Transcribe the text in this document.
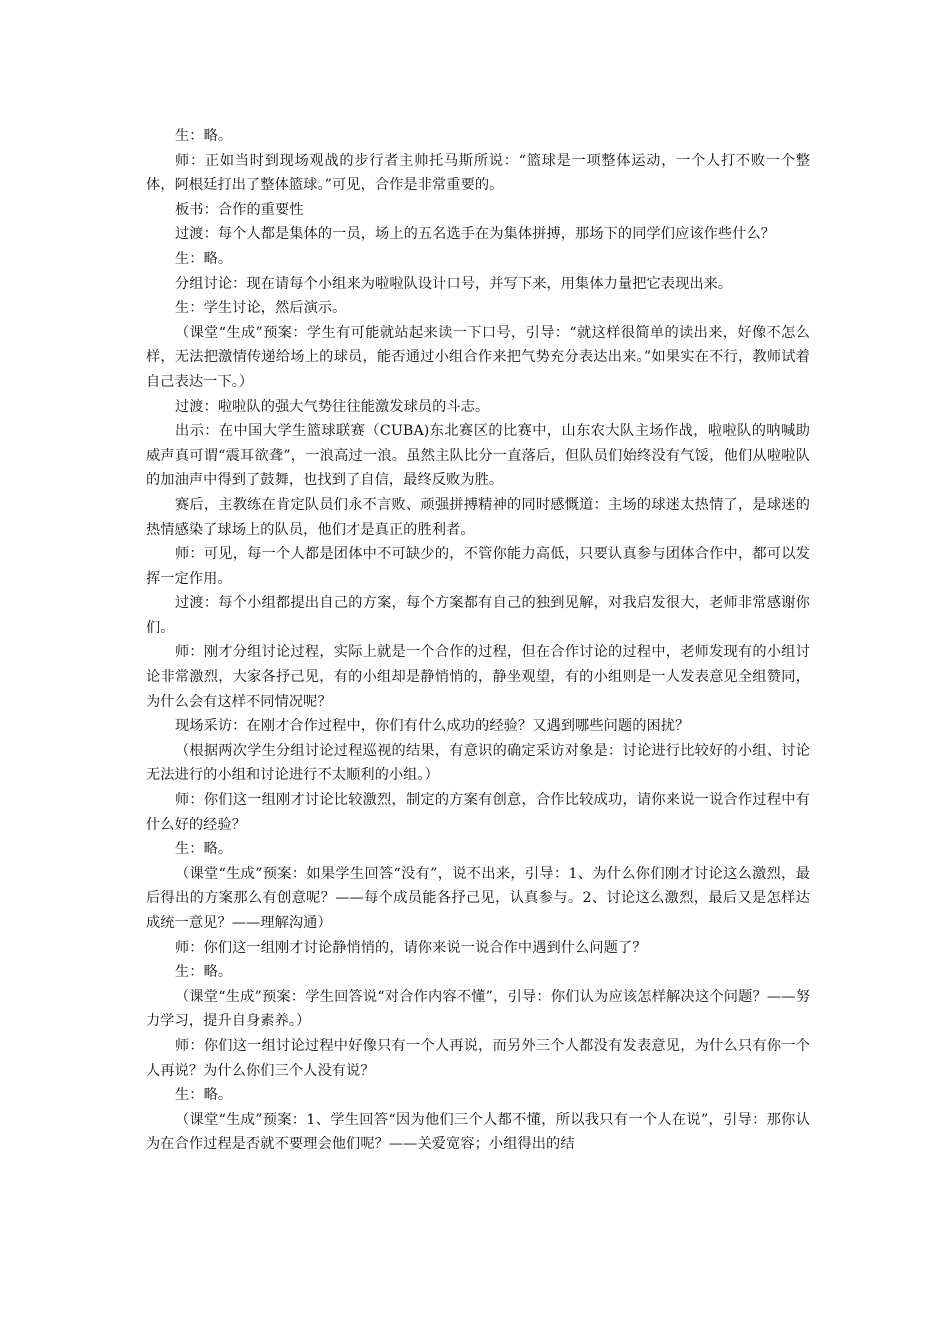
生：略。

师：正如当时到现场观战的步行者主帅托马斯所说：“篮球是一项整体运动，一个人打不败一个整体，阿根廷打出了整体篮球。”可见，合作是非常重要的。

板书：合作的重要性

过渡：每个人都是集体的一员，场上的五名选手在为集体拼搏，那场下的同学们应该作些什么？

生：略。

分组讨论：现在请每个小组来为啦啦队设计口号，并写下来，用集体力量把它表现出来。

生：学生讨论，然后演示。

（课堂“生成”预案：学生有可能就站起来读一下口号，引导：“就这样很简单的读出来，好像不怎么样，无法把激情传递给场上的球员，能否通过小组合作来把气势充分表达出来。”如果实在不行，教师试着自己表达一下。）

过渡：啦啦队的强大气势往往能激发球员的斗志。

出示：在中国大学生篮球联赛（CUBA)东北赛区的比赛中，山东农大队主场作战，啦啦队的呐喊助威声真可谓“震耳欲聋”，一浪高过一浪。虽然主队比分一直落后，但队员们始终没有气馁，他们从啦啦队的加油声中得到了鼓舞，也找到了自信，最终反败为胜。

赛后，主教练在肯定队员们永不言败、顽强拼搏精神的同时感慨道：主场的球迷太热情了，是球迷的热情感染了球场上的队员，他们才是真正的胜利者。

师：可见，每一个人都是团体中不可缺少的，不管你能力高低，只要认真参与团体合作中，都可以发挥一定作用。

过渡：每个小组都提出自己的方案，每个方案都有自己的独到见解，对我启发很大，老师非常感谢你们。

师：刚才分组讨论过程，实际上就是一个合作的过程，但在合作讨论的过程中，老师发现有的小组讨论非常激烈，大家各抒己见，有的小组却是静悄悄的，静坐观望，有的小组则是一人发表意见全组赞同，为什么会有这样不同情况呢？

现场采访：在刚才合作过程中，你们有什么成功的经验？又遇到哪些问题的困扰？

（根据两次学生分组讨论过程巡视的结果，有意识的确定采访对象是：讨论进行比较好的小组、讨论无法进行的小组和讨论进行不太顺利的小组。）

师：你们这一组刚才讨论比较激烈，制定的方案有创意，合作比较成功，请你来说一说合作过程中有什么好的经验？

生：略。

（课堂“生成”预案：如果学生回答“没有”，说不出来，引导：1、为什么你们刚才讨论这么激烈，最后得出的方案那么有创意呢？——每个成员能各抒己见，认真参与。2、讨论这么激烈，最后又是怎样达成统一意见？——理解沟通）

师：你们这一组刚才讨论静悄悄的，请你来说一说合作中遇到什么问题了？

生：略。

（课堂“生成”预案：学生回答说“对合作内容不懂”，引导：你们认为应该怎样解决这个问题？——努力学习，提升自身素养。）

师：你们这一组讨论过程中好像只有一个人再说，而另外三个人都没有发表意见，为什么只有你一个人再说？为什么你们三个人没有说？

生：略。

（课堂“生成”预案：1、学生回答“因为他们三个人都不懂，所以我只有一个人在说”，引导：那你认为在合作过程是否就不要理会他们呢？——关爱宽容；小组得出的结
